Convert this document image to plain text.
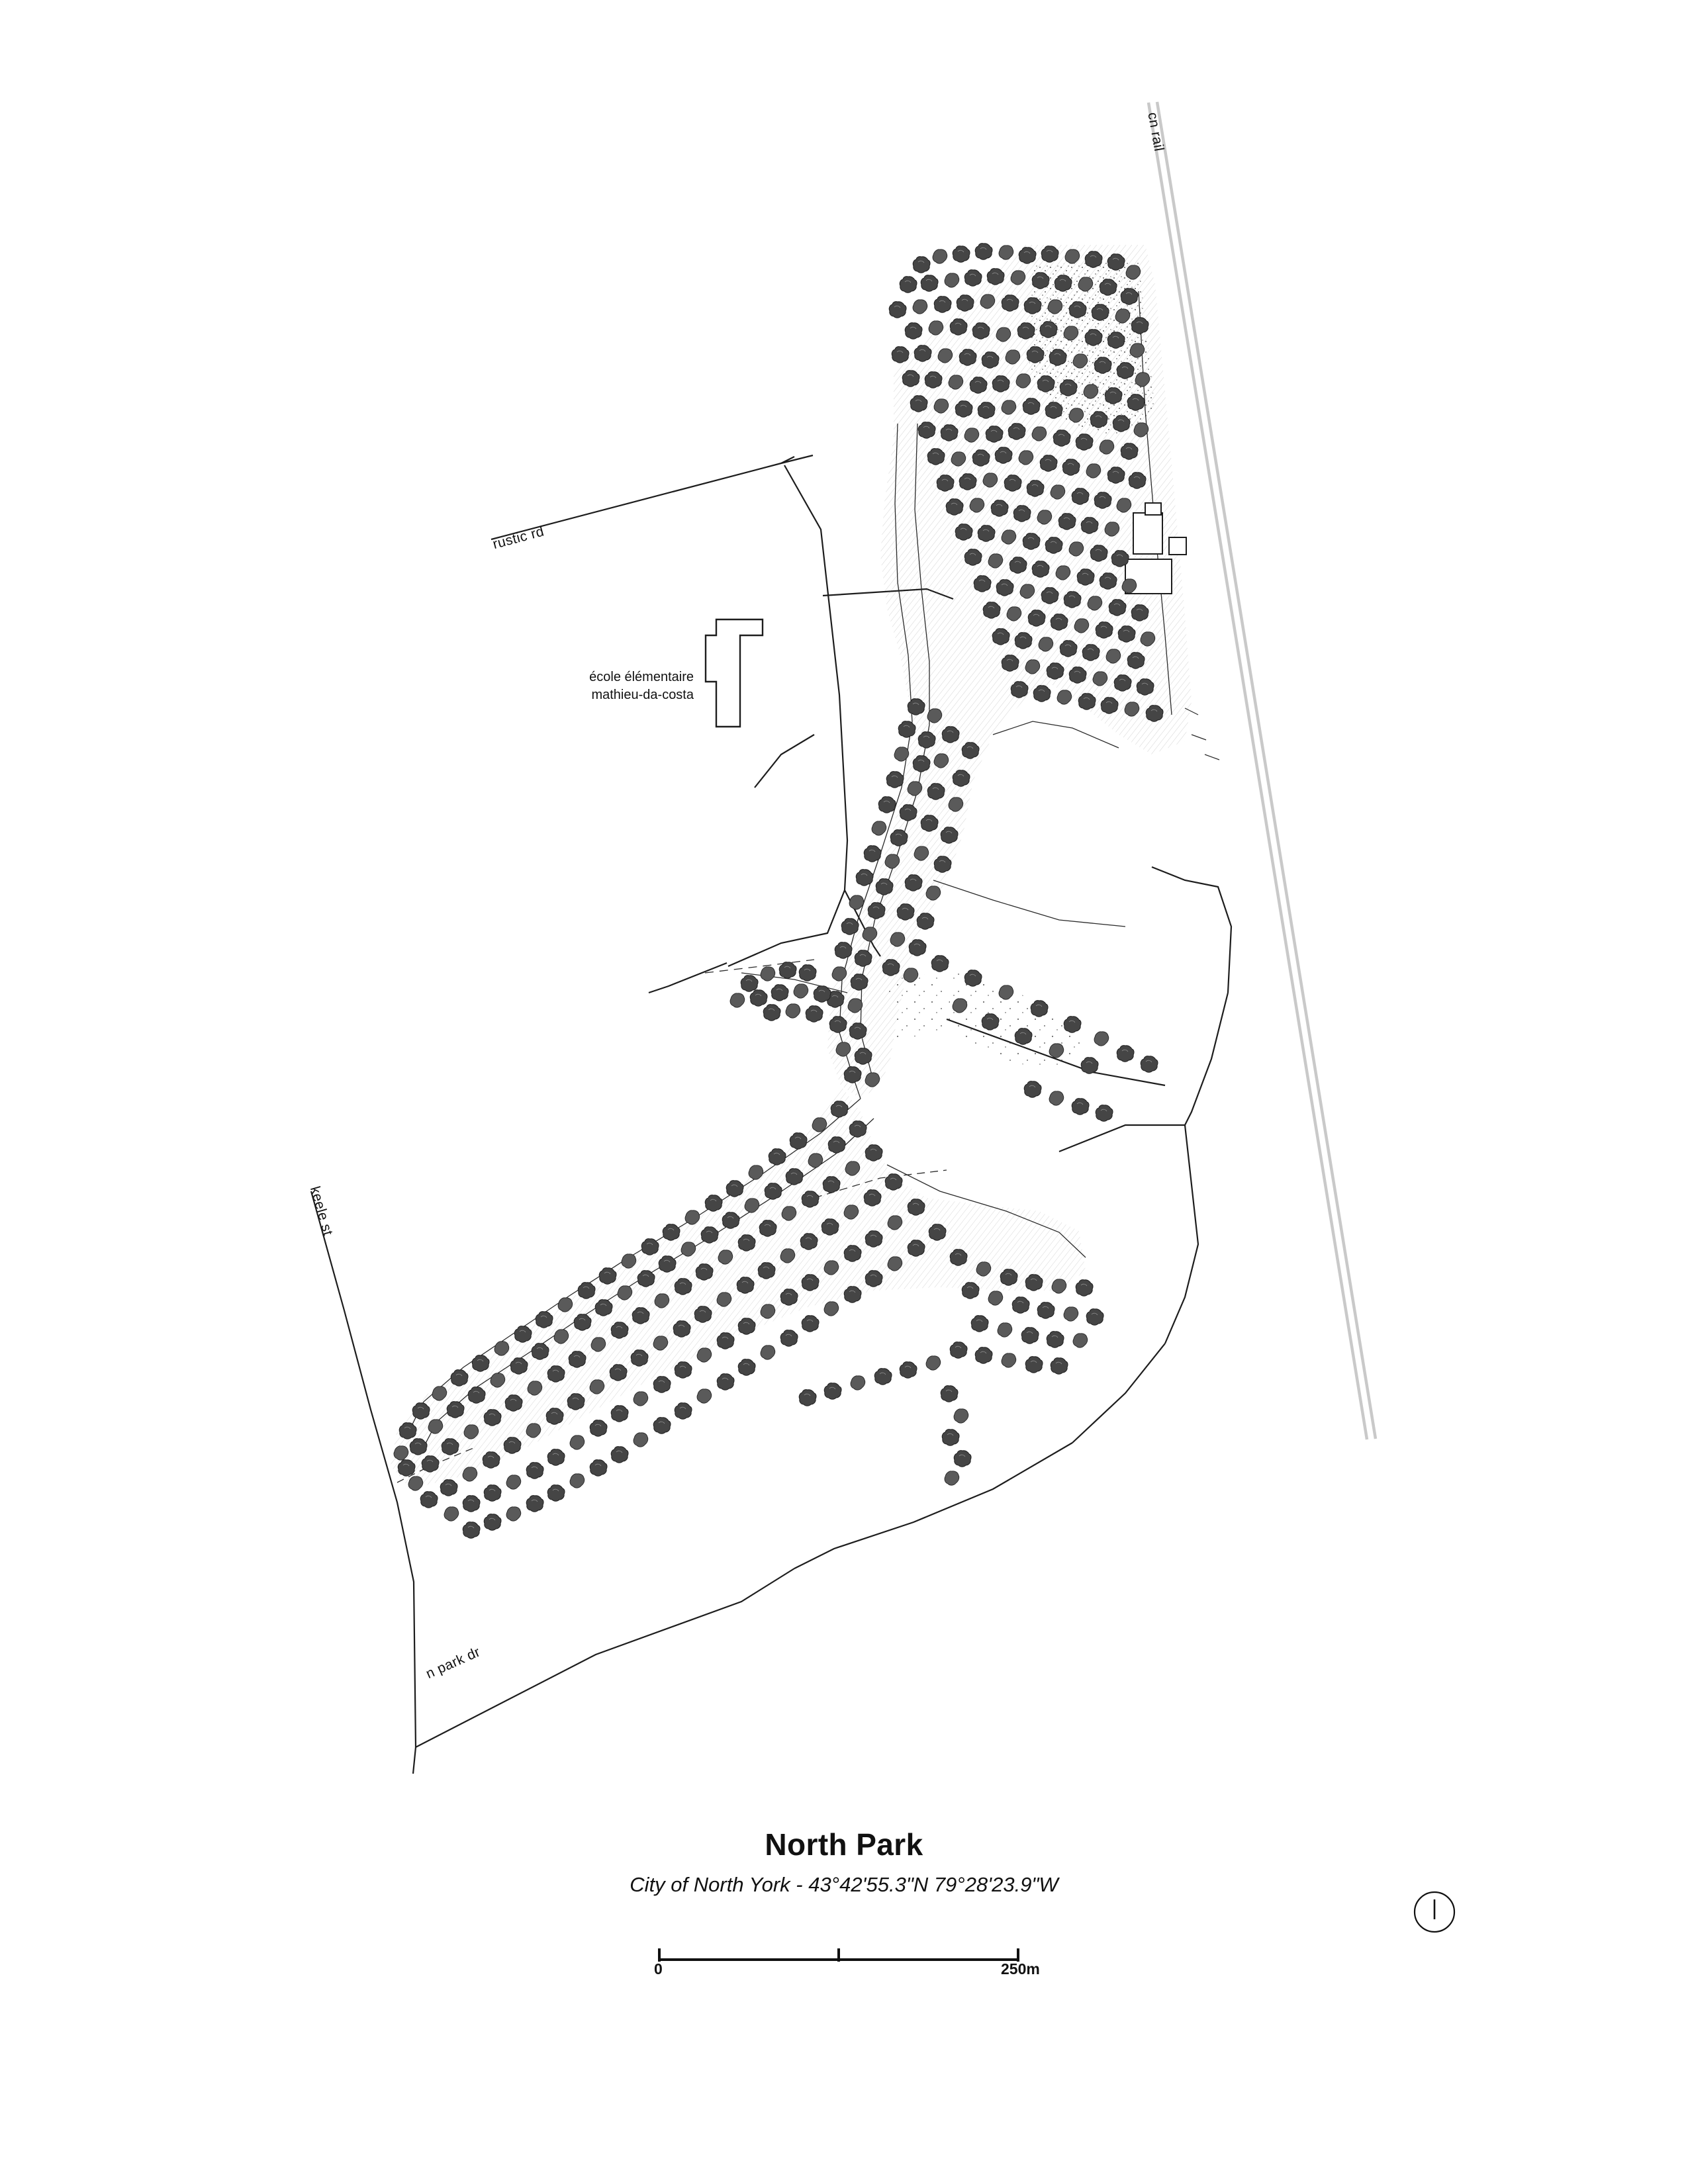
cn rail
rustic rd
keele st
n park dr
école élémentaire
mathieu-da-costa
North Park
City of North York - 43°42'55.3"N 79°28'23.9"W
0	250m
